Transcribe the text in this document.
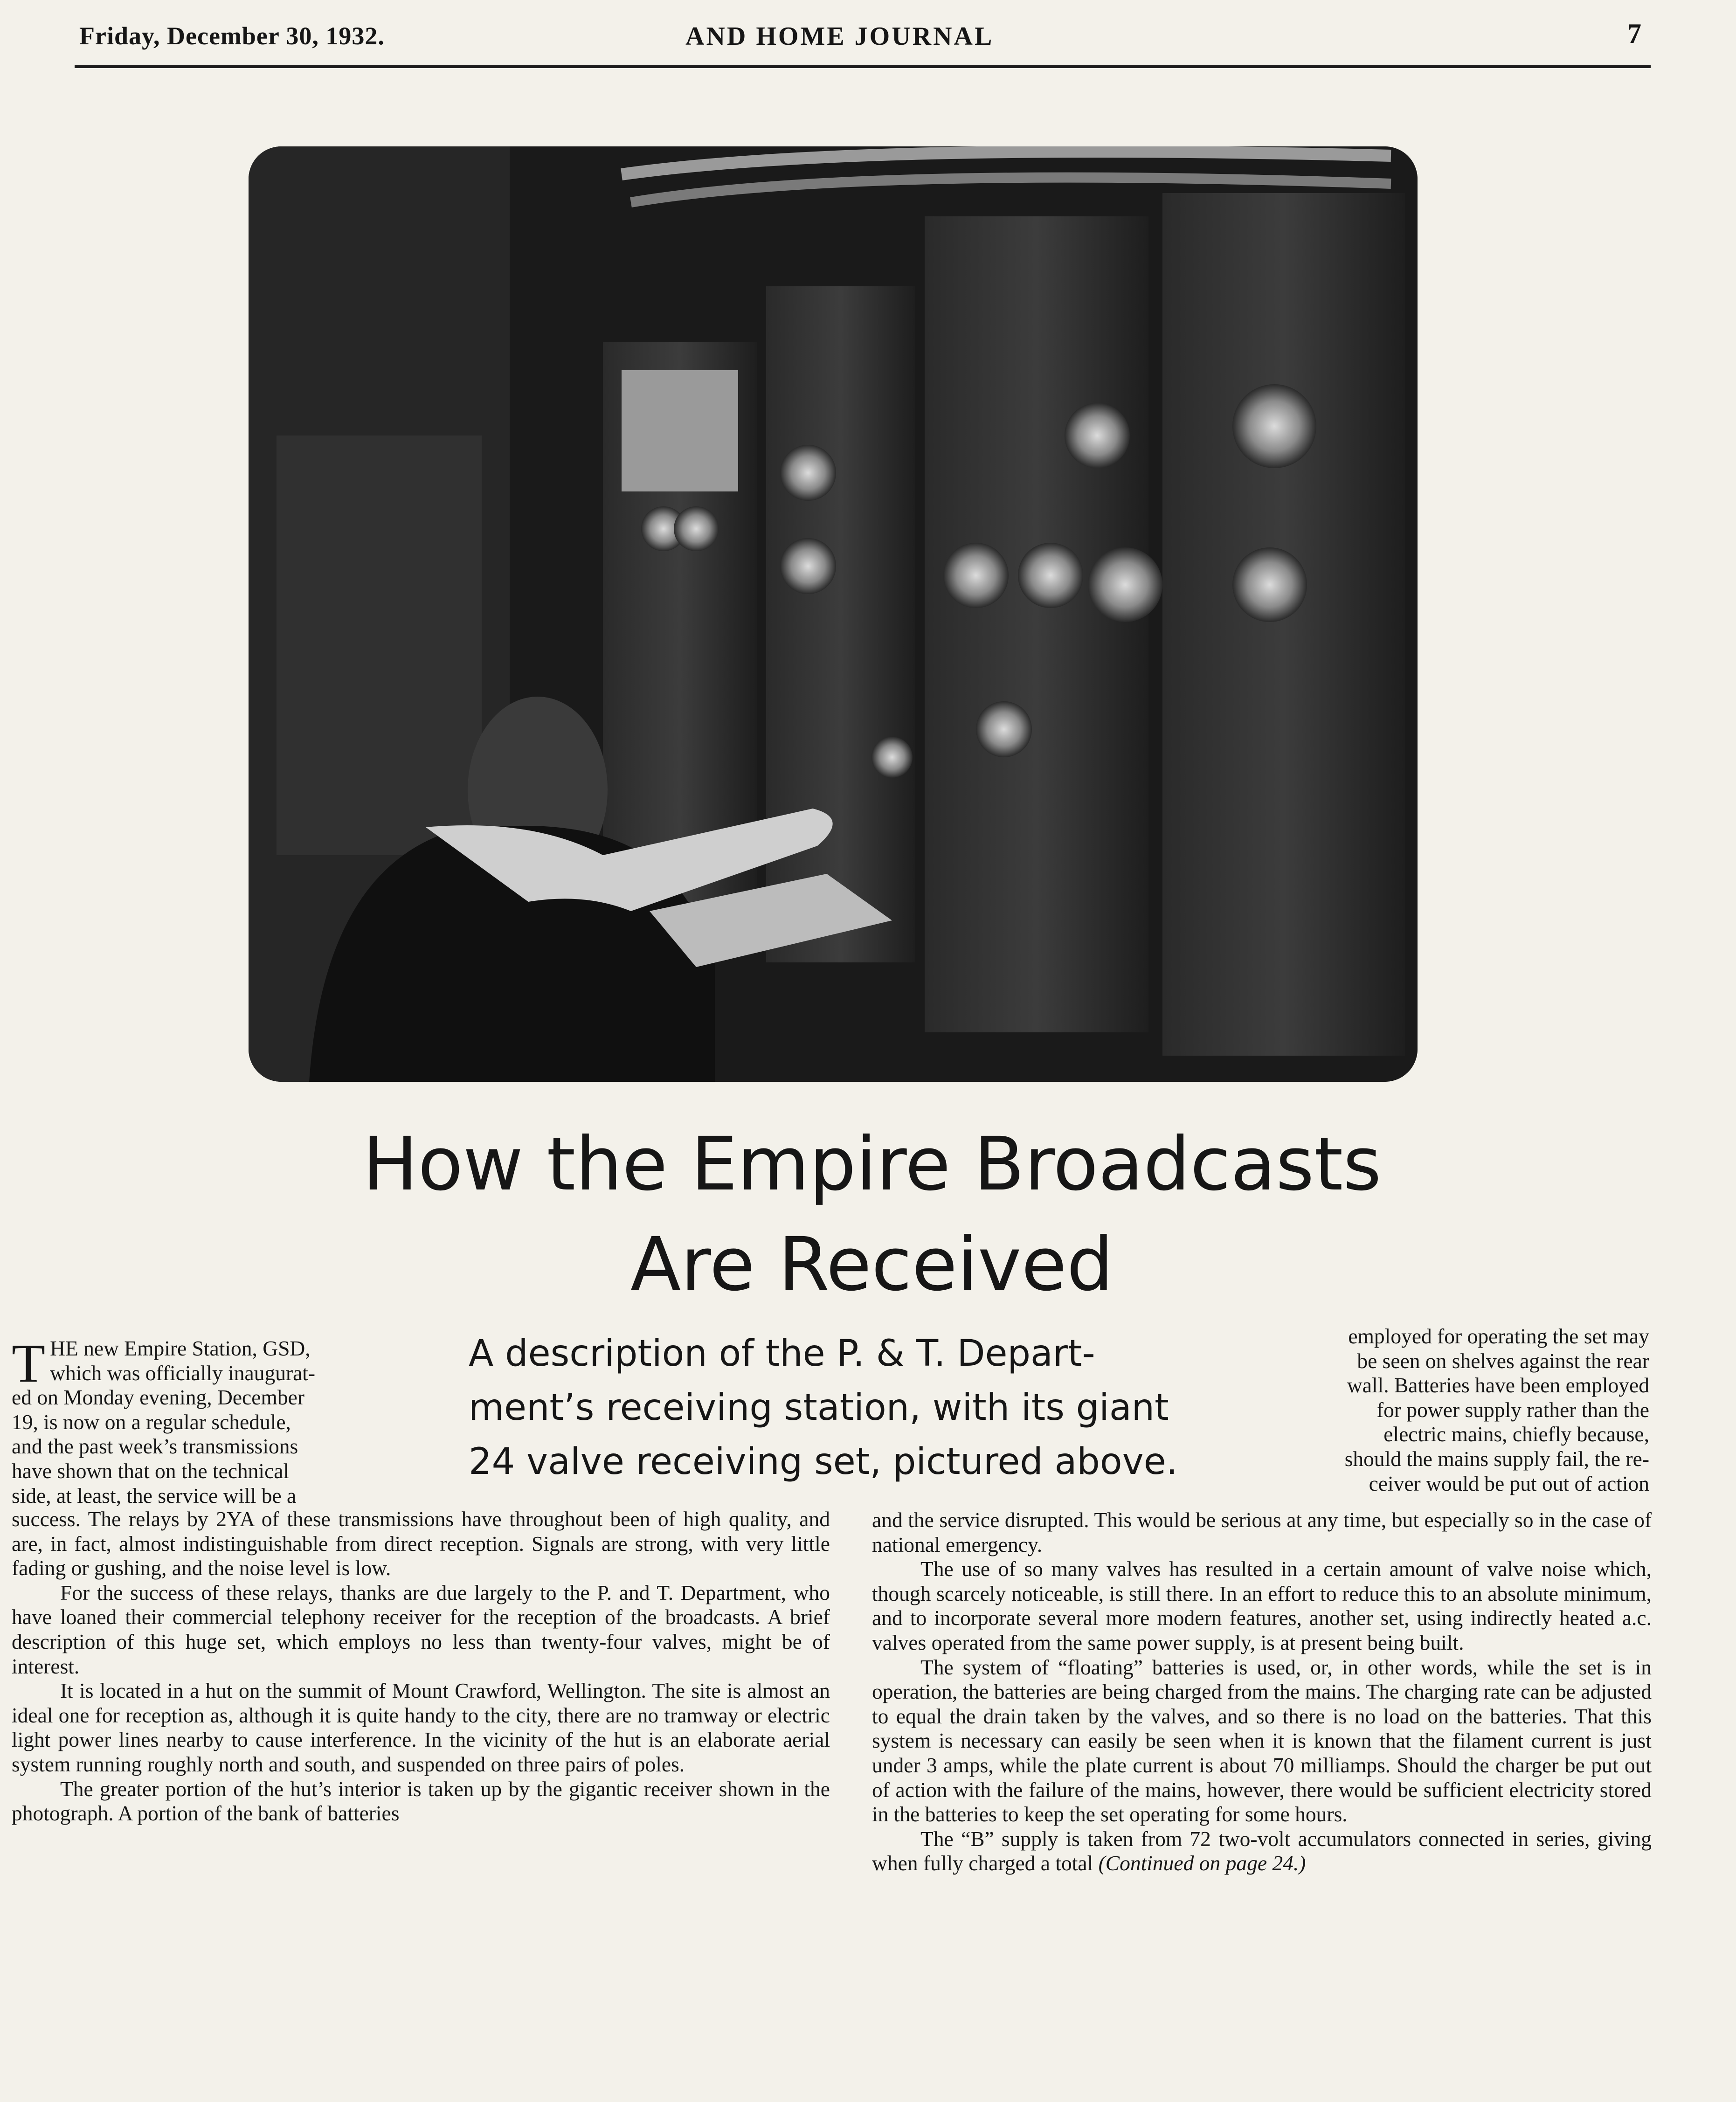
Friday, December 30, 1932.	AND HOME JOURNAL	7
How the Empire Broadcasts
Are Received
A description of the P. & T. Depart-
ment’s receiving station, with its giant
24 valve receiving set, pictured above.
T HE new Empire Station, GSD,
which was officially inaugurat-
ed on Monday evening, December
19, is now on a regular schedule,
and the past week’s transmissions
have shown that on the technical
side, at least, the service will be a
employed for operating the set may
be seen on shelves against the rear
wall. Batteries have been employed
for power supply rather than the
electric mains, chiefly because,
should the mains supply fail, the re-
ceiver would be put out of action

success. The relays by 2YA of these transmissions have throughout been of high quality, and are, in fact, almost indistinguishable from direct reception. Signals are strong, with very little fading or gushing, and the noise level is low.

For the success of these relays, thanks are due largely to the P. and T. Department, who have loaned their commercial telephony receiver for the reception of the broadcasts. A brief description of this huge set, which employs no less than twenty-four valves, might be of interest.

It is located in a hut on the summit of Mount Crawford, Wellington. The site is almost an ideal one for reception as, although it is quite handy to the city, there are no tramway or electric light power lines nearby to cause interference. In the vicinity of the hut is an elaborate aerial system running roughly north and south, and suspended on three pairs of poles.

The greater portion of the hut’s interior is taken up by the gigantic receiver shown in the photograph. A portion of the bank of batteries

and the service disrupted. This would be serious at any time, but especially so in the case of national emergency.

The use of so many valves has resulted in a certain amount of valve noise which, though scarcely noticeable, is still there. In an effort to reduce this to an absolute minimum, and to incorporate several more modern features, another set, using indirectly heated a.c. valves operated from the same power supply, is at present being built.

The system of “floating” batteries is used, or, in other words, while the set is in operation, the batteries are being charged from the mains. The charging rate can be adjusted to equal the drain taken by the valves, and so there is no load on the batteries. That this system is necessary can easily be seen when it is known that the filament current is just under 3 amps, while the plate current is about 70 milliamps. Should the charger be put out of action with the failure of the mains, however, there would be sufficient electricity stored in the batteries to keep the set operating for some hours.

The “B” supply is taken from 72 two-volt accumulators connected in series, giving when fully charged a total (Continued on page 24.)
